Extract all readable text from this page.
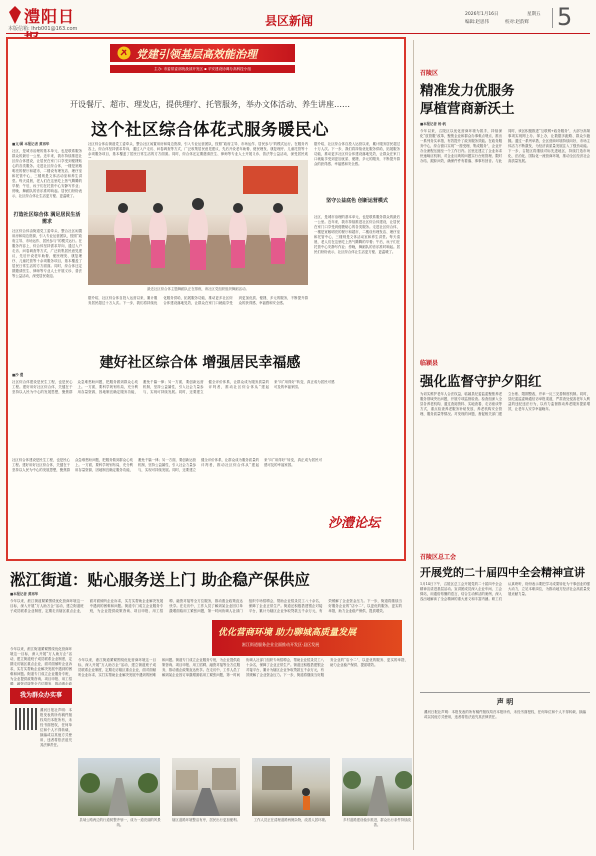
澧阳日
本版信箱: lhrb001@163.com
县区新闻	2026年1月16日	星期五
编辑:赵思伟	校对:赵韵辉 5
党建引领基层高效能治理
主办: 市委常委部统战部开发区 ▪ 平安建设协调办高科技小组
开设餐厅、超市、理发店，提供理疗、托管服务，举办文体活动、养生讲座……
这个社区综合体花式服务暖民心
■文/图 本报记者 黄再华
社区，是城市治理的基本单元，也是联系服务群众的最后一公里。近年来，我市持续推进社区综合体建设，让居民在家门口享受到便捷贴心的各类服务。走进社区综合体，一楼是宽敞明亮的餐厅和超市，二楼设有理发店、理疗室和托管中心，三楼则是文体活动室和养生讲堂。每天清晨，老人们在这里吃上热气腾腾的早餐；午后，孩子们在托管中心安静写作业；傍晚，舞蹈队的音乐准时响起。居民们纷纷表示，社区综合体让生活更方便、更温暖了。
打造社区综合体 满足居民生活需求
社区综合体由街道党工委牵头，整合社区闲置用房和周边资源，引入专业运营团队，按照“政府主导、市场运作、居民参与”的模式运行。在服务内容上，综合体坚持需求导向，通过入户走访、问卷调查等方式，广泛收集居民意见建议，先后开设老年助餐、便民理发、康复理疗、儿童托管等十余项服务项目，基本覆盖了居民日常生活的方方面面。同时，综合体还定期邀请医生、律师等专业人士开展义诊、普法等公益活动，深受居民欢迎。
社区综合体由街道党工委牵头，整合社区闲置用房和周边资源，引入专业运营团队，按照“政府主导、市场运作、居民参与”的模式运行。在服务内容上，综合体坚持需求导向，通过入户走访、问卷调查等方式，广泛收集居民意见建议，先后开设老年助餐、便民理发、康复理疗、儿童托管等十余项服务项目，基本覆盖了居民日常生活的方方面面。同时，综合体还定期邀请医生、律师等专业人士开展义诊、普法等公益活动，深受居民欢
最近社区综合体主题舞蹈队正在排练，该社区党组织组织舞蹈活动。
据介绍，社区综合体自投入运营以来，累计服务居民超过十万人次。下一步，我们将持续优化服务供给，拓展服务功能，推动更多社区综合体建设落地见效，让群众在家门口就能享受到更加优质、便捷、多元的服务，不断提升群众的获得感、幸福感和安全感。
坚守公益底色 创新运营模式
社区，是城市治理的基本单元，也是联系服务群众的最后一公里。近年来，我市持续推进社区综合体建设，让居民在家门口享受到便捷贴心的各类服务。走进社区综合体，一楼是宽敞明亮的餐厅和超市，二楼设有理发店、理疗室和托管中心，三楼则是文体活动室和养生讲堂。每天清晨，老人们在这里吃上热气腾腾的早餐；午后，孩子们在托管中心安静写作业；傍晚，舞蹈队的音乐准时响起。居民们纷纷表示，社区综合体让生活更方便、更温暖了。
据介绍，社区综合体自投入运营以来，累计服务居民超过十万人次。下一步，我们将持续优化服务供给，拓展服务功能，推动更多社区综合体建设落地见效，让群众在家门口就能享受到更加优质、便捷、多元的服务，不断提升群众的获得感、幸福感和安全感。
建好社区综合体 增强居民幸福感
■沙 澧
社区综合体建设是民生工程，也是民心工程。建好用好社区综合体，关键在于坚持以人民为中心的发展思想，聚焦群众急难愁盼问题，把服务做到群众心坎上。一方面，要科学规划布局，充分利用存量资源，因地制宜确定服务功能，避免千篇一律；另一方面，要创新运营机制，坚持公益属性，引入社会力量参与，实现可持续发展。同时，还要建立健全评价体系，让群众成为服务质量的评判者，推动社区综合体从“建起来”向“用得好”转变，真正成为居民可感可及的幸福家园。
沙澧论坛
社区综合体建设是民生工程，也是民心工程。建好用好社区综合体，关键在于坚持以人民为中心的发展思想，聚焦群众急难愁盼问题，把服务做到群众心坎上。一方面，要科学规划布局，充分利用存量资源，因地制宜确定服务功能，避免千篇一律；另一方面，要创新运营机制，坚持公益属性，引入社会力量参与，实现可持续发展。同时，还要建立健全评价体系，让群众成为服务质量的评判者，推动社区综合体从“建起来”向“用得好”转变，真正成为居民可感可及的幸福家园。
淞江街道：贴心服务送上门 助企稳产保供应
■本报记者 黄再华
今年以来，淞江街道紧紧围绕优化营商环境这一目标，深入开展“万人助万企”活动，建立街道班子成员联系企业制度，定期走访辖区重点企业，面对面倾听企业诉求，实打实帮助企业解决发展中遇到的困难和问题。街道专门成立企业服务专班，为企业提供政策咨询、项目申报、用工招聘、融资对接等全方位服务，推动惠企政策直达快享。在走访中，工作人员了解到某企业因订单激增面临用工紧张问题，第一时间协调人社部门组织专场招聘会，帮助企业招录员工八十余名，保障了企业正常生产。街道还积极搭建银企对接平台，累计为辖区企业争取贷款五千余万元，有效缓解了企业资金压力。下一步，街道将继续当好服务企业的“店小二”，以更优的服务、更实的举措，助力企业稳产保供、提质增效。
今年以来，淞江街道紧紧围绕优化营商环境这一目标，深入开展“万人助万企”活动，建立街道班子成员联系企业制度，定期走访辖区重点企业，面对面倾听企业诉求，实打实帮助企业解决发展中遇到的困难和问题。街道专门成立企业服务专班，为企业提供政策咨询、项目申报、用工招聘、融资对接等全方位服务，推动惠企政
优化营商环境 助力聊城高质量发展
淞江街道服务企业全面推动开发区·县区发展
我为群众办实事
漯河日报社声明：本报发表的所有稿件版权均归本报所有，未经书面授权，任何单位和个人不得转载、摘编或以其他方式使用，违者将依法追究其法律责任。
县域公路两边的行道树整齐划一，成为一道亮丽的风景线。
辖区道路环境整洁有序，居民出行更加便利。	工作人员正在清理道路两侧杂物，改善人居环境。	乡村道路建设稳步推进，群众出行条件持续改善。
今年以来，淞江街道紧紧围绕优化营商环境这一目标，深入开展“万人助万企”活动，建立街道班子成员联系企业制度，定期走访辖区重点企业，面对面倾听企业诉求，实打实帮助企业解决发展中遇到的困难和问题。街道专门成立企业服务专班，为企业提供政策咨询、项目申报、用工招聘、融资对接等全方位服务，推动惠企政策直达快享。在走访中，工作人员了解到某企业因订单激增面临用工紧张问题，第一时间协调人社部门组织专场招聘会，帮助企业招录员工八十余名，保障了企业正常生产。街道还积极搭建银企对接平台，累计为辖区企业争取贷款五千余万元，有效缓解了企业资金压力。下一步，街道将继续当好服务企业的“店小二”，以更优的服务、更实的举措，助力企业稳产保供、提质增效。
召陵区
精准发力优服务
厚植营商新沃土
■本报记者 杨 帆
今年以来，召陵区以优化营商环境为抓手，持续深化“放管服”改革，聚焦企业和群众办事难点堵点，推出一系列务实举措，有效提升了政务服务效能。在政务服务中心，综合窗口实现“一窗受理、集成服务”，企业开办全流程压缩至一个工作日内。区里还建立了企业诉求快速响应机制，对企业反映的问题实行台账管理、限时办结、跟踪问效，确保件件有着落、事事有回音。与此同时，该区积极推进“互联网+政务服务”，大部分高频事项实现网上办、掌上办，让数据多跑路、群众少跑腿。通过一系列举措，全区营商环境持续向好，市场主体活力不断激发，为经济高质量发展注入了强劲动能。下一步，召陵区将继续对标先进地区，持续打造市场化、法治化、国际化一流营商环境，推动全区经济社会高质量发展。
临颍县
强化监督守护夕阳红
为切实维护老年人合法权益，临颍县纪委监委聚焦养老服务领域突出问题，开展专项监督检查。检查组深入全县各养老机构，通过查阅资料、实地查看、走访座谈等方式，重点检查养老服务补贴发放、养老机构安全管理、服务质量等情况。对发现的问题，督促相关部门建立台账、限期整改，并举一反三完善制度机制。同时，县纪委监委畅通信访举报渠道，严肃查处侵害老年人利益的违纪违法行为，以有力监督推动养老服务提质增效，让老年人安享幸福晚年。
召陵区总工会
开展党的二十届四中全会精神宣讲
1月14日下午，召陵区总工会开展党的二十届四中全会精神宣讲进基层活动。宣讲团成员深入企业车间、工会驿站，用通俗易懂的语言，结合生动鲜活的案例，深入浅出地解读了全会精神的重大意义和丰富内涵。职工们认真聆听，纷纷表示要把学习成果转化为干事创业的强大动力，立足本职岗位，为推动地方经济社会高质量发展贡献力量。
声 明
漯河日报社声明：本报发表的所有稿件版权均归本报所有，未经书面授权，任何单位和个人不得转载、摘编或以其他方式使用，违者将依法追究其法律责任。
